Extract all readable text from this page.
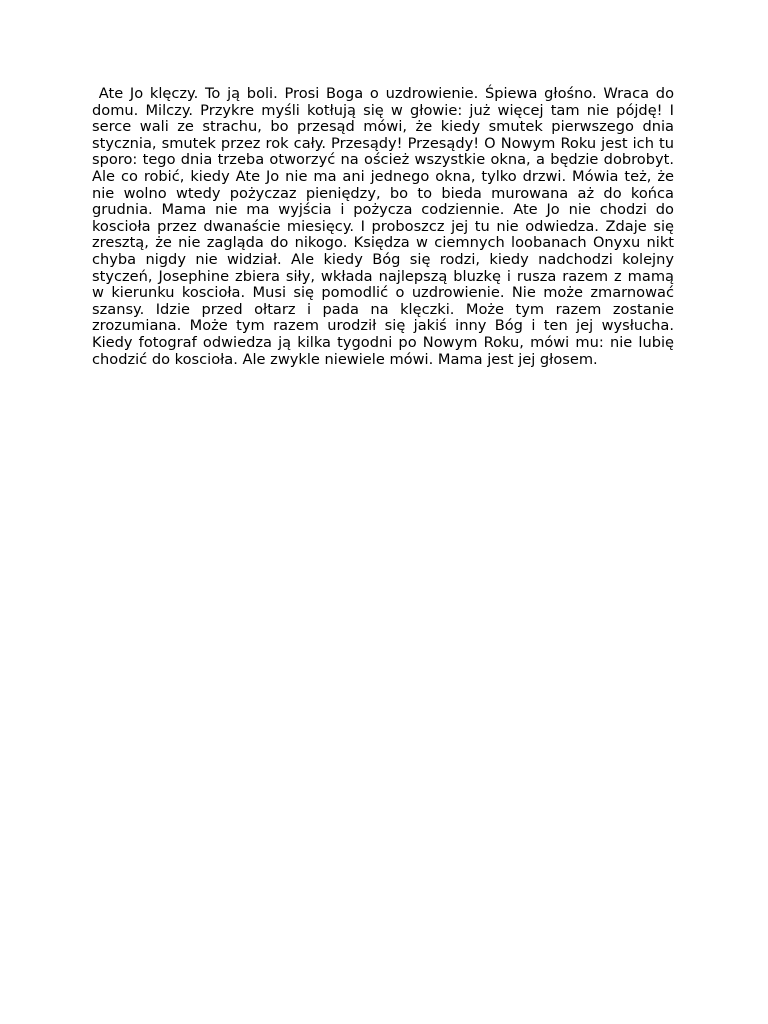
Ate Jo klęczy. To ją boli. Prosi Boga o uzdrowienie. Śpiewa głośno. Wraca do domu. Milczy. Przykre myśli kotłują się w głowie: już więcej tam nie pójdę! I serce wali ze strachu, bo przesąd mówi, że kiedy smutek pierwszego dnia stycznia, smutek przez rok cały. Przesądy! Przesądy! O Nowym Roku jest ich tu sporo: tego dnia trzeba otworzyć na oścież wszystkie okna, a będzie dobrobyt. Ale co robić, kiedy Ate Jo nie ma ani jednego okna, tylko drzwi. Mówia też, że nie wolno wtedy pożyczaz pieniędzy, bo to bieda murowana aż do końca grudnia. Mama nie ma wyjścia i pożycza codziennie. Ate Jo nie chodzi do koscioła przez dwanaście miesięcy. I proboszcz jej tu nie odwiedza. Zdaje się zresztą, że nie zagląda do nikogo. Księdza w ciemnych loobanach Onyxu nikt chyba nigdy nie widział. Ale kiedy Bóg się rodzi, kiedy nadchodzi kolejny styczeń, Josephine zbiera siły, wkłada najlepszą bluzkę i rusza razem z mamą w kierunku koscioła. Musi się pomodlić o uzdrowienie. Nie może zmarnować szansy. Idzie przed ołtarz i pada na klęczki. Może tym razem zostanie zrozumiana. Może tym razem urodził się jakiś inny Bóg i ten jej wysłucha. Kiedy fotograf odwiedza ją kilka tygodni po Nowym Roku, mówi mu: nie lubię chodzić do koscioła. Ale zwykle niewiele mówi. Mama jest jej głosem.
